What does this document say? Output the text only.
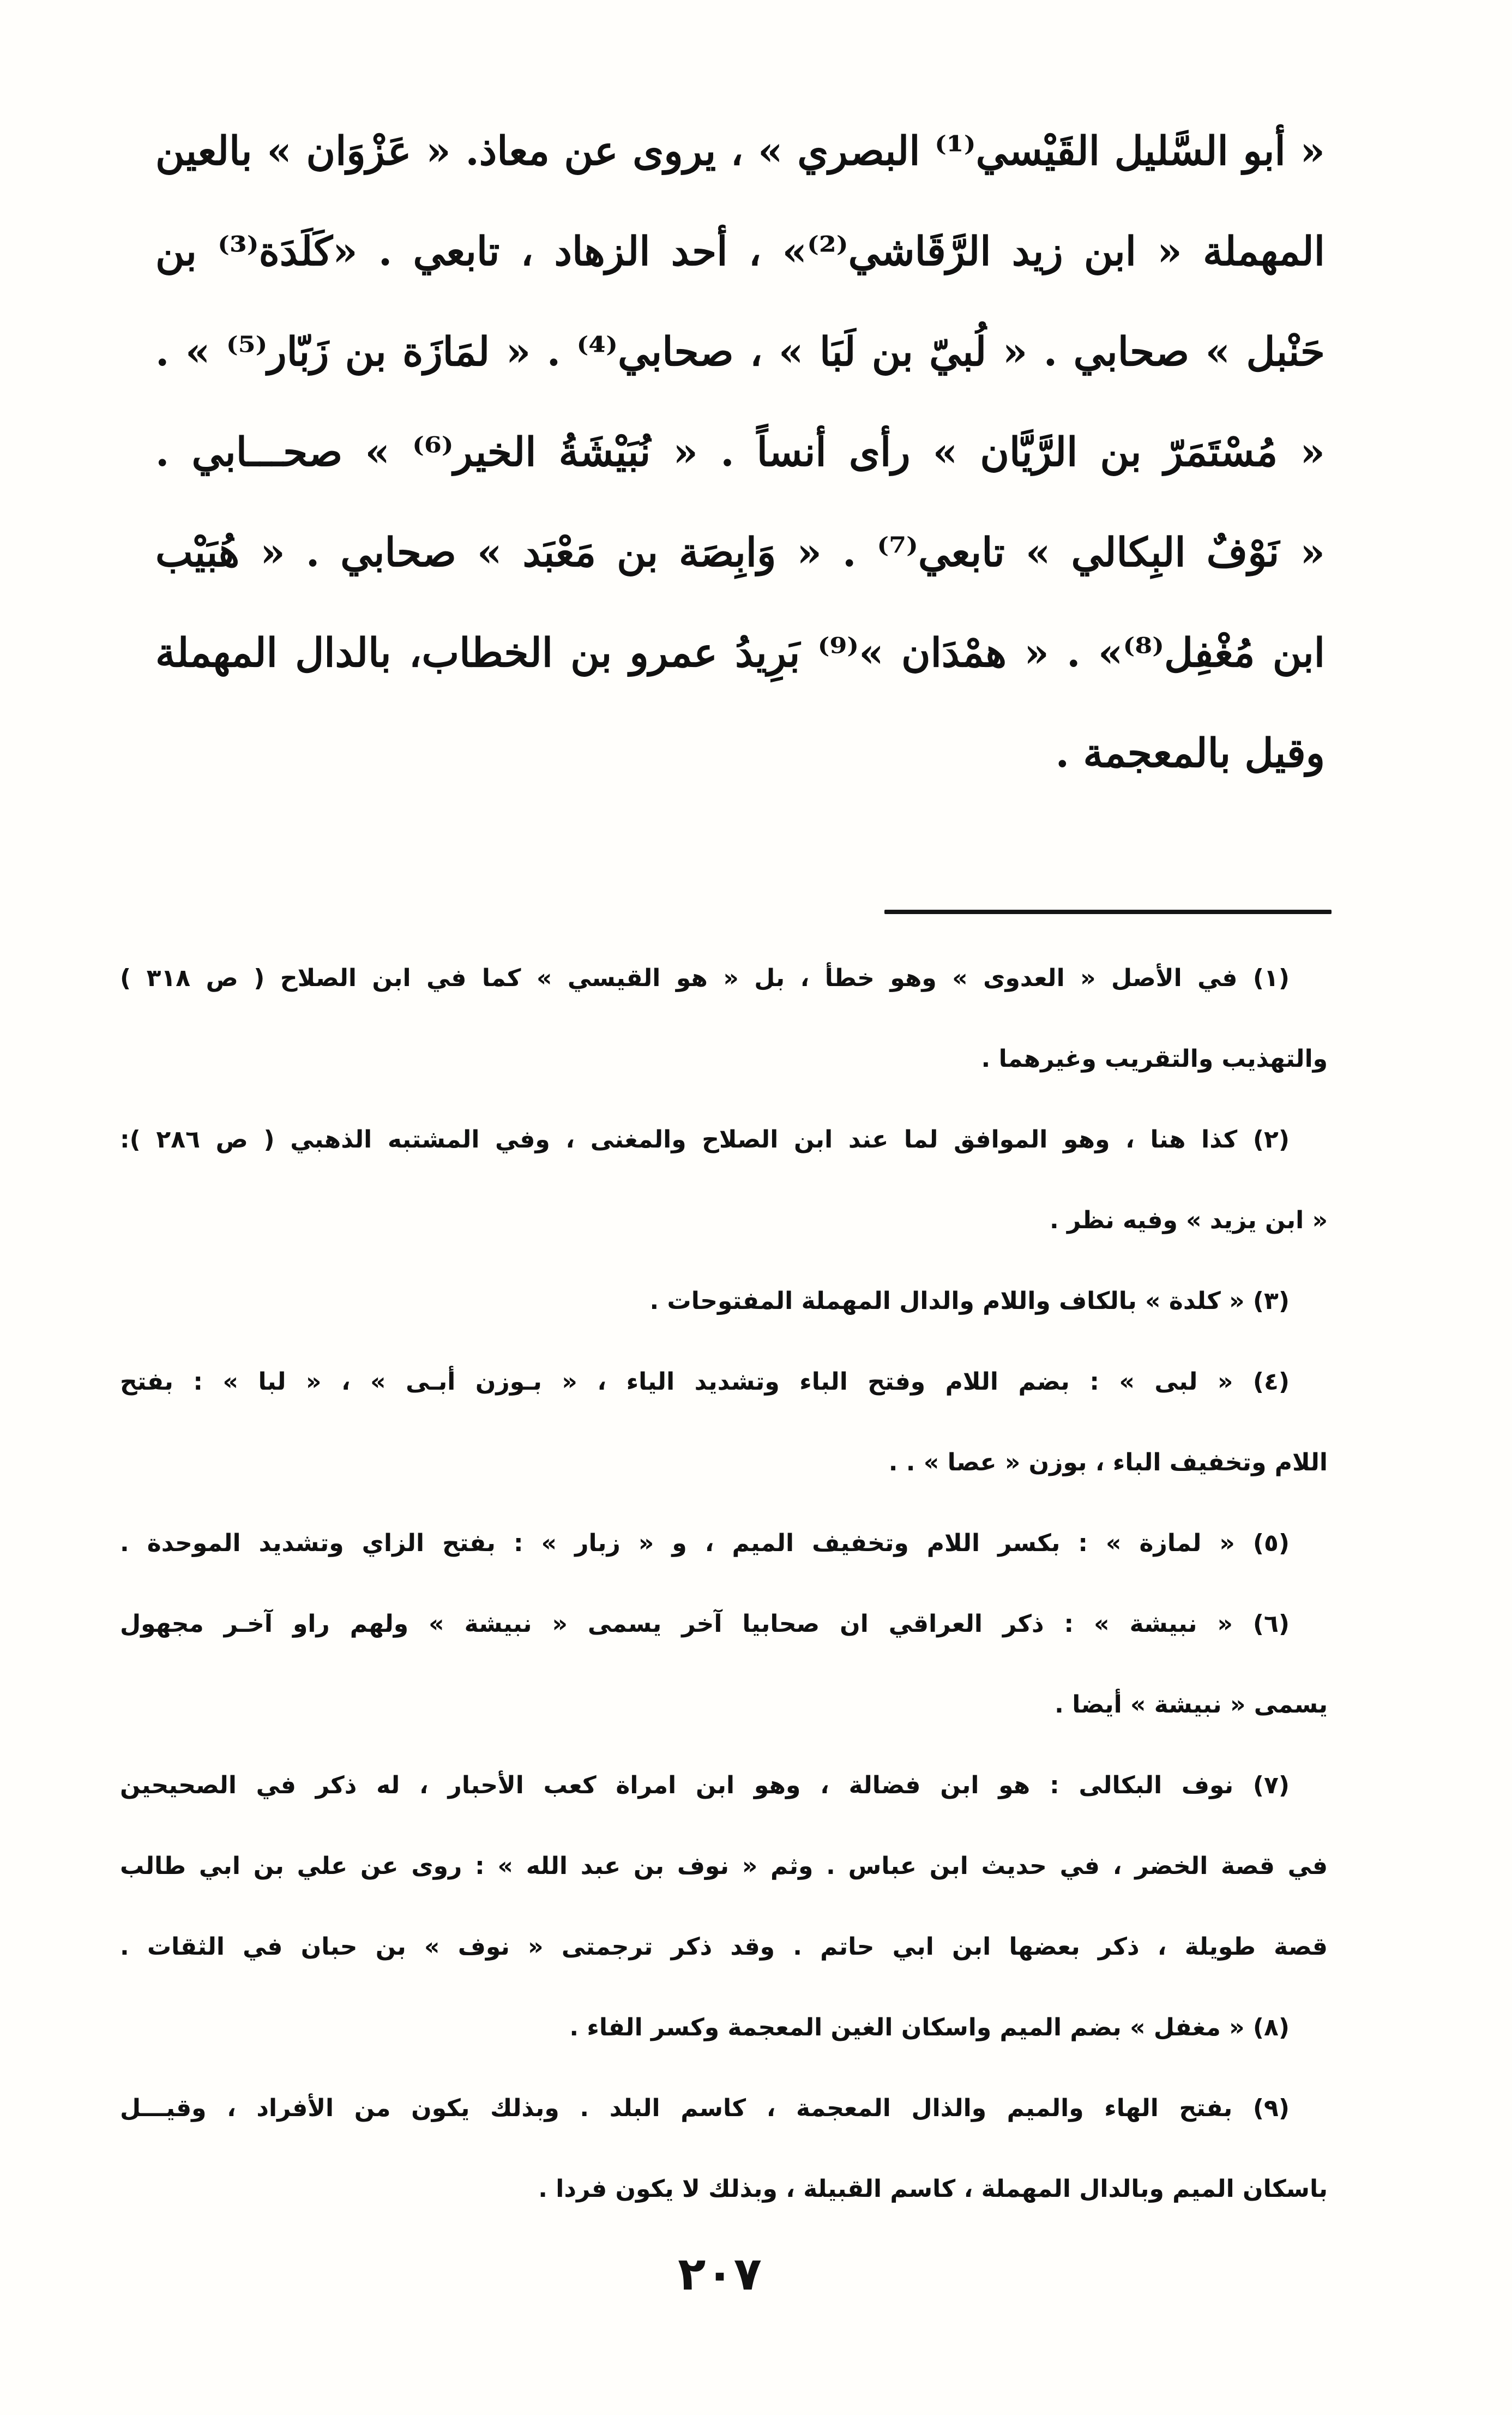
« أبو السَّليل القَيْسي⁽¹⁾ البصري » ، يروى عن معاذ. « عَزْوَان » بالعين
المهملة « ابن زيد الرَّقَاشي⁽²⁾» ، أحد الزهاد ، تابعي . «كَلَدَة⁽³⁾ بن
حَنْبل » صحابي . « لُبيّ بن لَبَا » ، صحابي⁽⁴⁾ . « لمَازَة بن زَبّار⁽⁵⁾ » .
« مُسْتَمَرّ بن الرَّيَّان » رأى أنساً . « نُبَيْشَةُ الخير⁽⁶⁾ » صحـــابي .
« نَوْفٌ البِكالي » تابعي⁽⁷⁾ . « وَابِصَة بن مَعْبَد » صحابي . « هُبَيْب
ابن مُغْفِل⁽⁸⁾» . « همْدَان »⁽⁹⁾ بَرِيدُ عمرو بن الخطاب، بالدال المهملة
وقيل بالمعجمة .
(١) في الأصل « العدوى » وهو خطأ ، بل « هو القيسي » كما في ابن الصلاح ( ص ٣١٨ )
والتهذيب والتقريب وغيرهما .
(٢) كذا هنا ، وهو الموافق لما عند ابن الصلاح والمغنى ، وفي المشتبه الذهبي ( ص ٢٨٦ ):
« ابن يزيد » وفيه نظر .
(٣) « كلدة » بالكاف واللام والدال المهملة المفتوحات .
(٤) « لبى » : بضم اللام وفتح الباء وتشديد الياء ، « بـوزن أبـى » ، « لبا » : بفتح
اللام وتخفيف الباء ، بوزن « عصا » . .
(٥) « لمازة » : بكسر اللام وتخفيف الميم ، و « زبار » : بفتح الزاي وتشديد الموحدة .
(٦) « نبيشة » : ذكر العراقي ان صحابيا آخر يسمى « نبيشة » ولهم راو آخـر مجهول
يسمى « نبيشة » أيضا .
(٧) نوف البكالى : هو ابن فضالة ، وهو ابن امراة كعب الأحبار ، له ذكر في الصحيحين
في قصة الخضر ، في حديث ابن عباس . وثم « نوف بن عبد الله » : روى عن علي بن ابي طالب
قصة طويلة ، ذكر بعضها ابن ابي حاتم . وقد ذكر ترجمتى « نوف » بن حبان في الثقات .
(٨) « مغفل » بضم الميم واسكان الغين المعجمة وكسر الفاء .
(٩) بفتح الهاء والميم والذال المعجمة ، كاسم البلد . وبذلك يكون من الأفراد ، وقيـــل
باسكان الميم وبالدال المهملة ، كاسم القبيلة ، وبذلك لا يكون فردا .
٢٠٧
